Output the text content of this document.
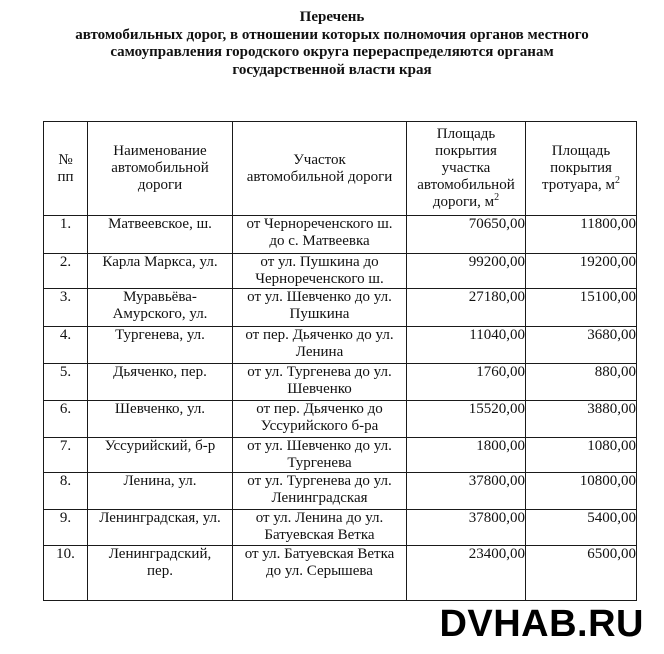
Перечень
автомобильных дорог, в отношении которых полномочия органов местного
самоуправления городского округа перераспределяются органам
государственной власти края
№ пп	Наименование автомобильной дороги	Участок автомобильной дороги	Площадь покрытия участка автомобильной дороги, $м^2$	Площадь покрытия тротуара, $м^2$

1.	Матвеевское, ш.	от Чернореченского ш. до с. Матвеевка	70650,00	11800,00
2.	Карла Маркса, ул.	от ул. Пушкина до Чернореченского ш.	99200,00	19200,00
3.	Муравьёва-Амурского, ул.	от ул. Шевченко до ул. Пушкина	27180,00	15100,00
4.	Тургенева, ул.	от пер. Дьяченко до ул. Ленина	11040,00	3680,00
5.	Дьяченко, пер.	от ул. Тургенева до ул. Шевченко	1760,00	880,00
6.	Шевченко, ул.	от пер. Дьяченко до Уссурийского б-ра	15520,00	3880,00
7.	Уссурийский, б-р	от ул. Шевченко до ул. Тургенева	1800,00	1080,00
8.	Ленина, ул.	от ул. Тургенева до ул. Ленинградская	37800,00	10800,00
9.	Ленинградская, ул.	от ул. Ленина до ул. Батуевская Ветка	37800,00	5400,00
10.	Ленинградский, пер.	от ул. Батуевская Ветка до ул. Серышева	23400,00	6500,00
DVHAB.RU
